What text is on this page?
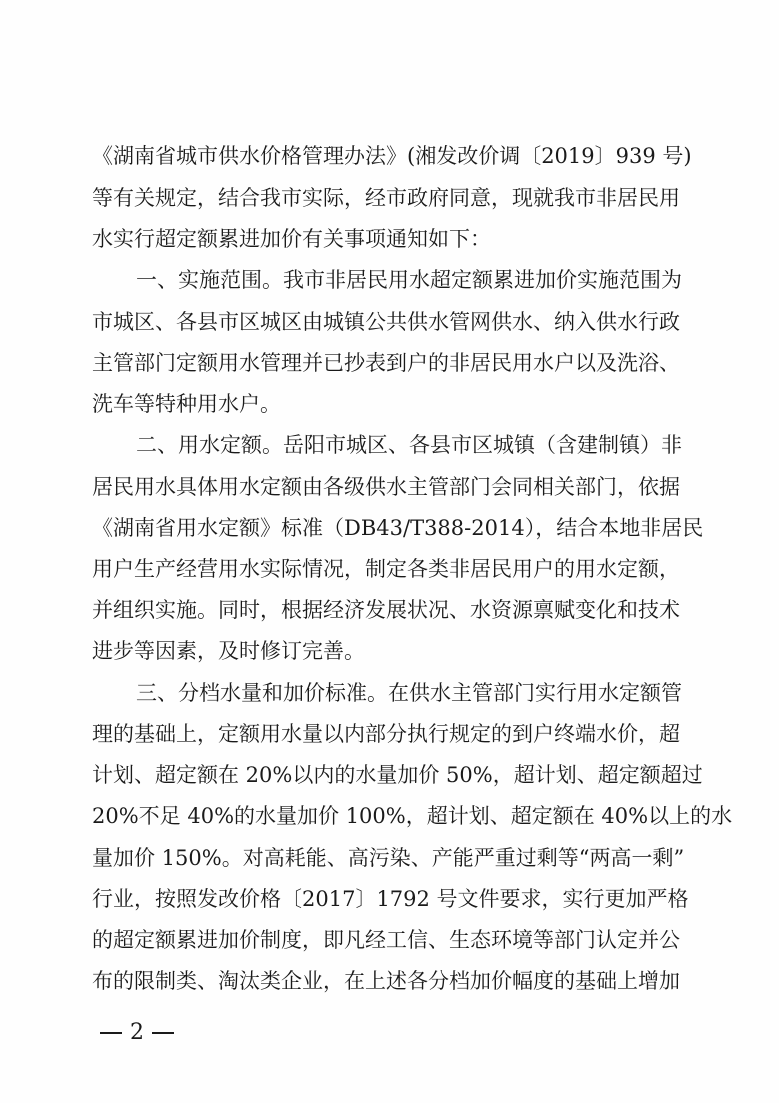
《湖南省城市供水价格管理办法》(湘发改价调〔2019〕939 号)
等有关规定，结合我市实际，经市政府同意，现就我市非居民用
水实行超定额累进加价有关事项通知如下：
一、实施范围。我市非居民用水超定额累进加价实施范围为
市城区、各县市区城区由城镇公共供水管网供水、纳入供水行政
主管部门定额用水管理并已抄表到户的非居民用水户以及洗浴、
洗车等特种用水户。
二、用水定额。岳阳市城区、各县市区城镇（含建制镇）非
居民用水具体用水定额由各级供水主管部门会同相关部门，依据
《湖南省用水定额》标准（DB43/T388-2014），结合本地非居民
用户生产经营用水实际情况，制定各类非居民用户的用水定额，
并组织实施。同时，根据经济发展状况、水资源禀赋变化和技术
进步等因素，及时修订完善。
三、分档水量和加价标准。在供水主管部门实行用水定额管
理的基础上，定额用水量以内部分执行规定的到户终端水价，超
计划、超定额在 20%以内的水量加价 50%，超计划、超定额超过
20%不足 40%的水量加价 100%，超计划、超定额在 40%以上的水
量加价 150%。对高耗能、高污染、产能严重过剩等“两高一剩”
行业，按照发改价格〔2017〕1792 号文件要求，实行更加严格
的超定额累进加价制度，即凡经工信、生态环境等部门认定并公
布的限制类、淘汰类企业，在上述各分档加价幅度的基础上增加
2
